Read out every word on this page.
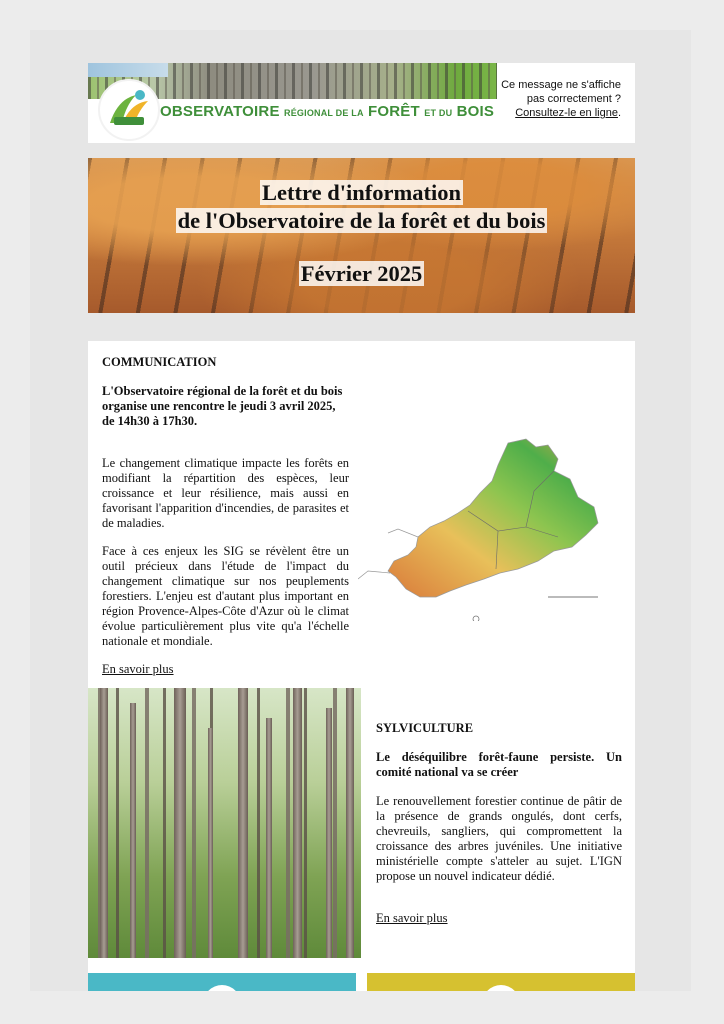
OBSERVATOIRE RÉGIONAL DE LA FORÊT ET DU BOIS
Ce message ne s'affiche pas correctement ?
Consultez-le en ligne.
Lettre d'information
de l'Observatoire de la forêt et du bois
Février 2025
COMMUNICATION
L'Observatoire régional de la forêt et du bois organise une rencontre le jeudi 3 avril 2025, de 14h30 à 17h30.
Le changement climatique impacte les forêts en modifiant la répartition des espèces, leur croissance et leur résilience, mais aussi en favorisant l'apparition d'incendies, de parasites et de maladies.
Face à ces enjeux les SIG se révèlent être un outil précieux dans l'étude de l'impact du changement climatique sur nos peuplements forestiers. L'enjeu est d'autant plus important en région Provence-Alpes-Côte d'Azur où le climat évolue particulièrement plus vite qu'a l'échelle nationale et mondiale.
En savoir plus
SYLVICULTURE
Le déséquilibre forêt-faune persiste. Un comité national va se créer
Le renouvellement forestier continue de pâtir de la présence de grands ongulés, dont cerfs, chevreuils, sangliers, qui compromettent la croissance des arbres juvéniles. Une initiative ministérielle compte s'atteler au sujet. L'IGN propose un nouvel indicateur dédié.
En savoir plus
